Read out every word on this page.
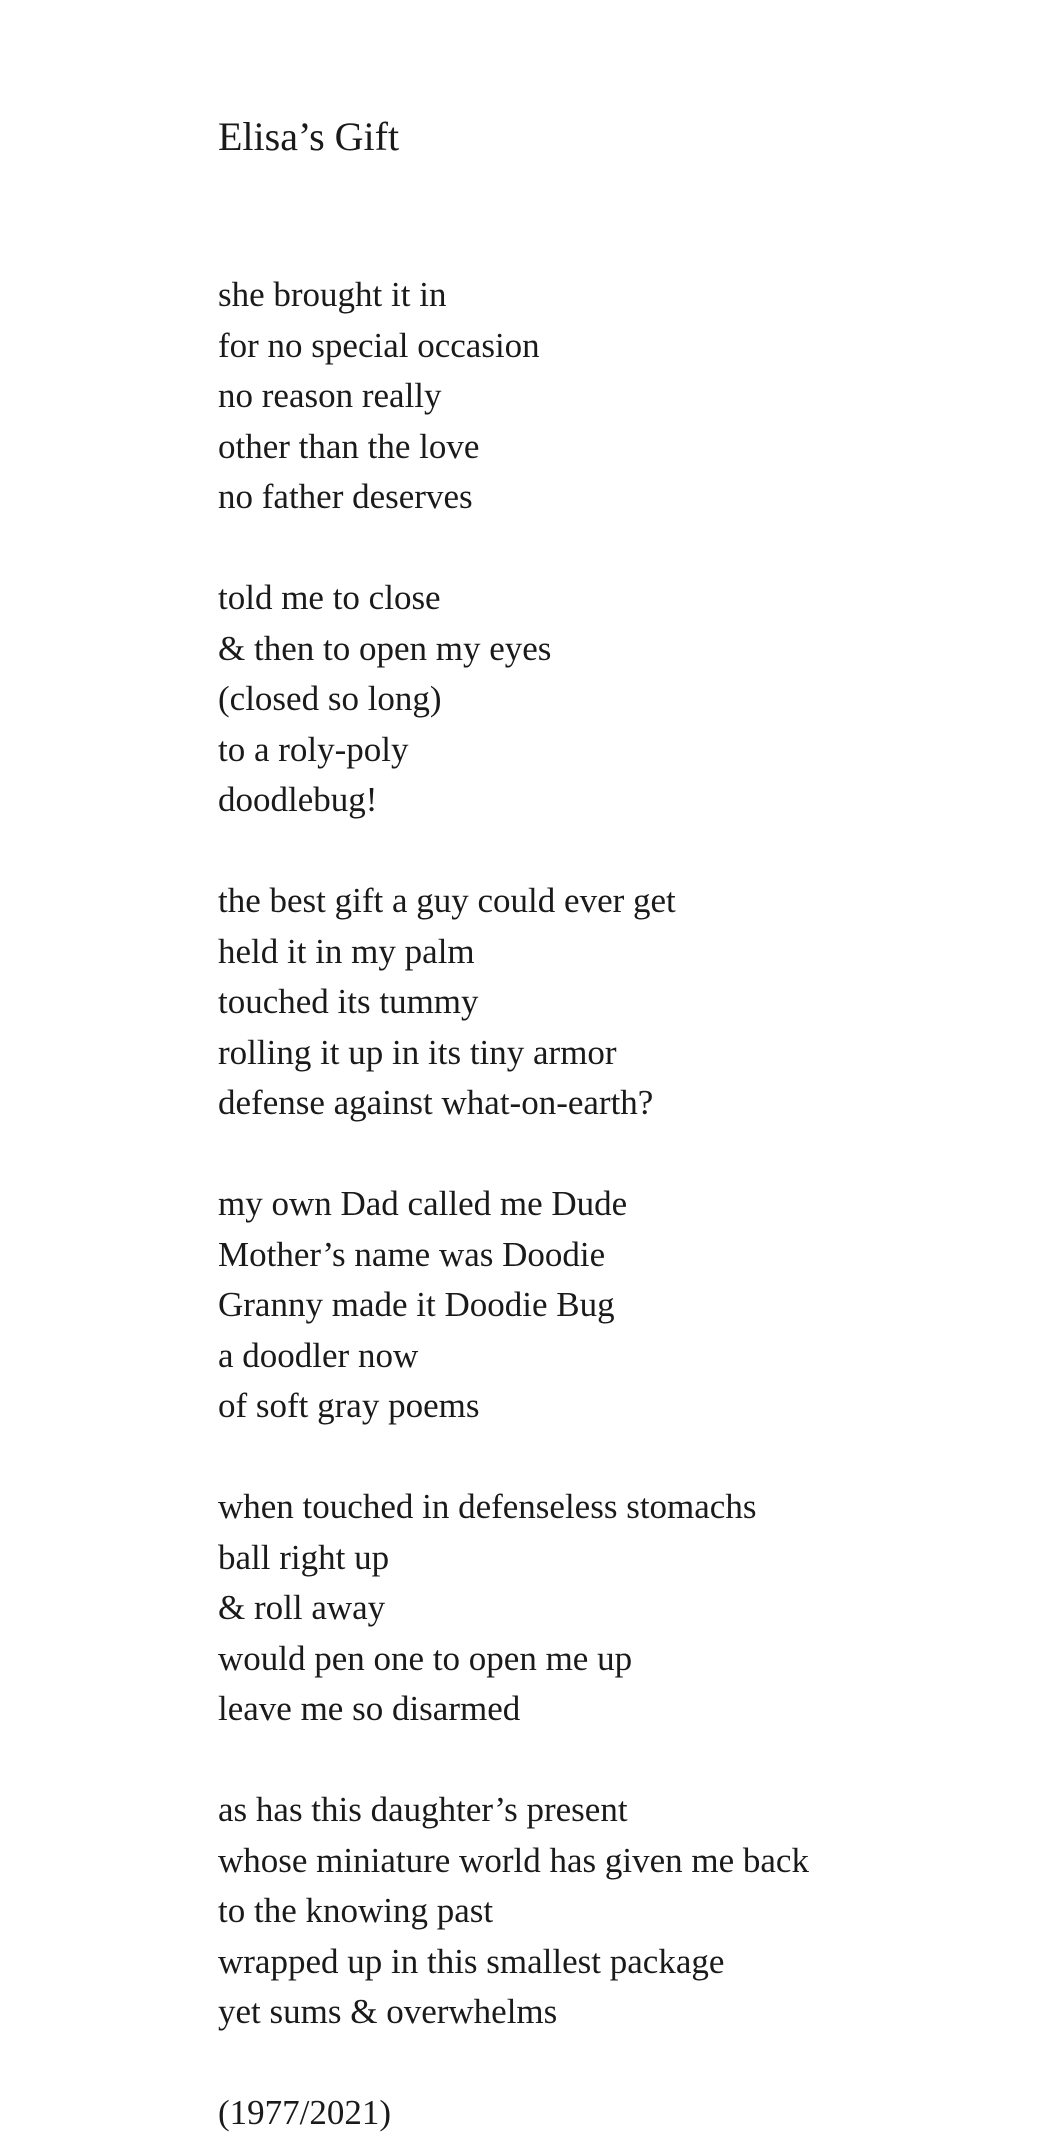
Elisa’s Gift
she brought it in
for no special occasion
no reason really
other than the love
no father deserves
told me to close
& then to open my eyes
(closed so long)
to a roly-poly
doodlebug!
the best gift a guy could ever get
held it in my palm
touched its tummy
rolling it up in its tiny armor
defense against what-on-earth?
my own Dad called me Dude
Mother’s name was Doodie
Granny made it Doodie Bug
a doodler now
of soft gray poems
when touched in defenseless stomachs
ball right up
& roll away
would pen one to open me up
leave me so disarmed
as has this daughter’s present
whose miniature world has given me back
to the knowing past
wrapped up in this smallest package
yet sums & overwhelms
(1977/2021)
